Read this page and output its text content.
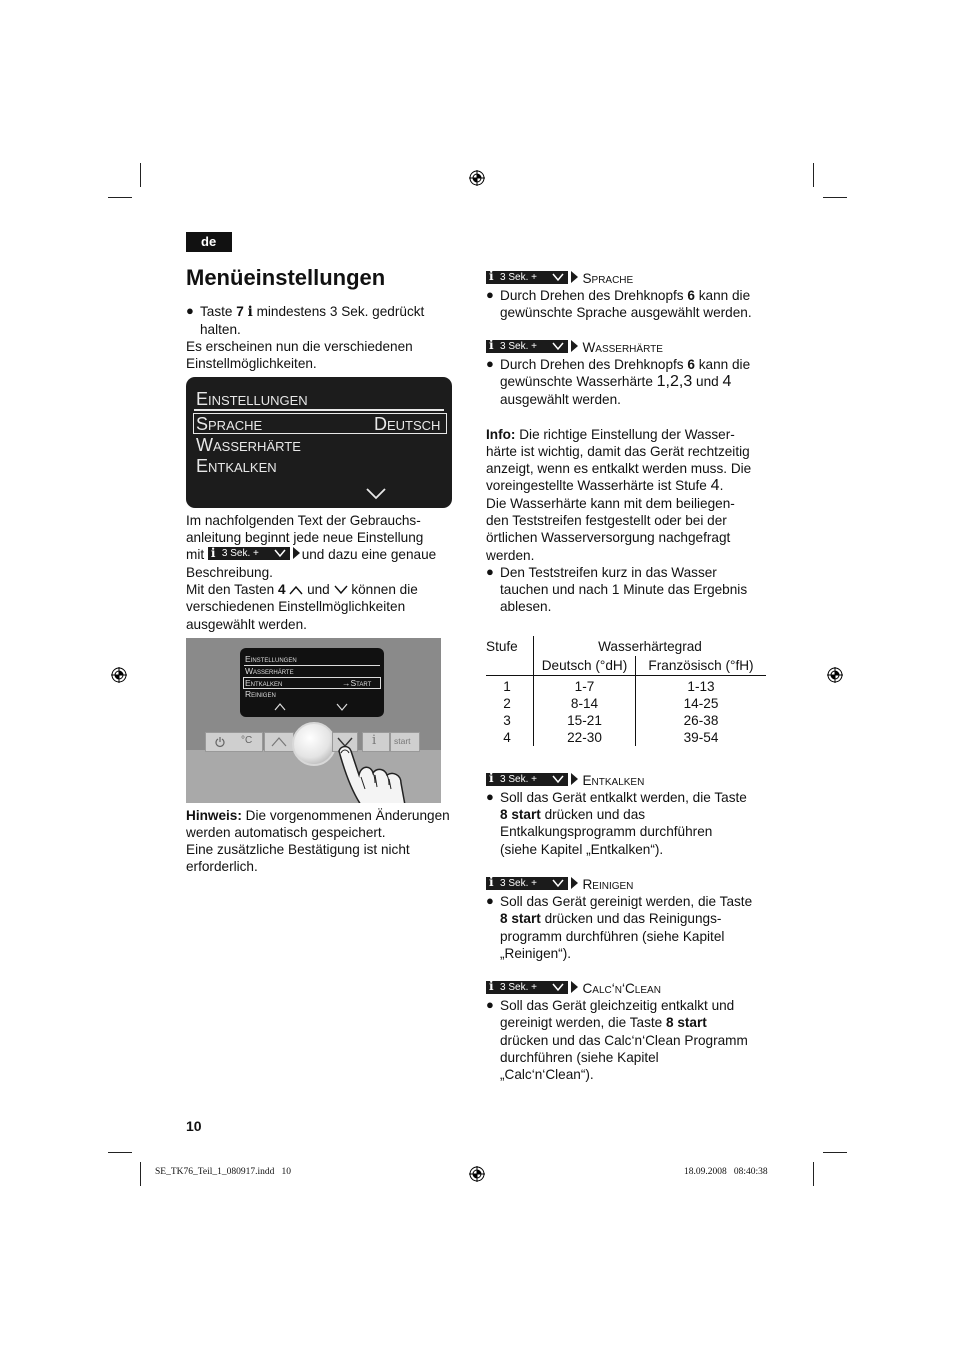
de
Menüeinstellungen
● Taste 7 i mindestens 3 Sek. gedrückt
halten.
Es erscheinen nun die verschiedenen
Einstellmöglichkeiten.
Einstellungen
Sprache	Deutsch
Wasserhärte
Entkalken
Im nachfolgenden Text der Gebrauchs-
anleitung beginnt jede neue Einstellung
mit i 3 Sek. +	und dazu eine genaue
Beschreibung.
Mit den Tasten 4 und können die
verschiedenen Einstellmöglichkeiten
ausgewählt werden.
Einstellungen
Wasserhärte
Entkalken	→Start
Reinigen
°C	i start
Hinweis: Die vorgenommenen Änderungen
werden automatisch gespeichert.
Eine zusätzliche Bestätigung ist nicht
erforderlich.
i 3 Sek. +	Sprache
● Durch Drehen des Drehknopfs 6 kann die
gewünschte Sprache ausgewählt werden.
i 3 Sek. +	Wasserhärte
● Durch Drehen des Drehknopfs 6 kann die
gewünschte Wasserhärte 1,2,3 und 4
ausgewählt werden.
Info: Die richtige Einstellung der Wasser-
härte ist wichtig, damit das Gerät rechtzeitig
anzeigt, wenn es entkalkt werden muss. Die
voreingestellte Wasserhärte ist Stufe 4.
Die Wasserhärte kann mit dem beiliegen-
den Teststreifen festgestellt oder bei der
örtlichen Wasserversorgung nachgefragt
werden.
● Den Teststreifen kurz in das Wasser
tauchen und nach 1 Minute das Ergebnis
ablesen.
Stufe	Wasserhärtegrad
Deutsch (°dH)	Französisch (°fH)
1	1-7	1-13
2	8-14	14-25
3	15-21	26-38
4	22-30	39-54
i 3 Sek. +	Entkalken
● Soll das Gerät entkalkt werden, die Taste
8 start drücken und das
Entkalkungsprogramm durchführen
(siehe Kapitel „Entkalken“).
i 3 Sek. +	Reinigen
● Soll das Gerät gereinigt werden, die Taste
8 start drücken und das Reinigungs-
programm durchführen (siehe Kapitel
„Reinigen“).
i 3 Sek. +	Calc‘n‘Clean
● Soll das Gerät gleichzeitig entkalkt und
gereinigt werden, die Taste 8 start
drücken und das Calc‘n‘Clean Programm
durchführen (siehe Kapitel
„Calc‘n‘Clean“).
10
SE_TK76_Teil_1_080917.indd   10	18.09.2008   08:40:38
